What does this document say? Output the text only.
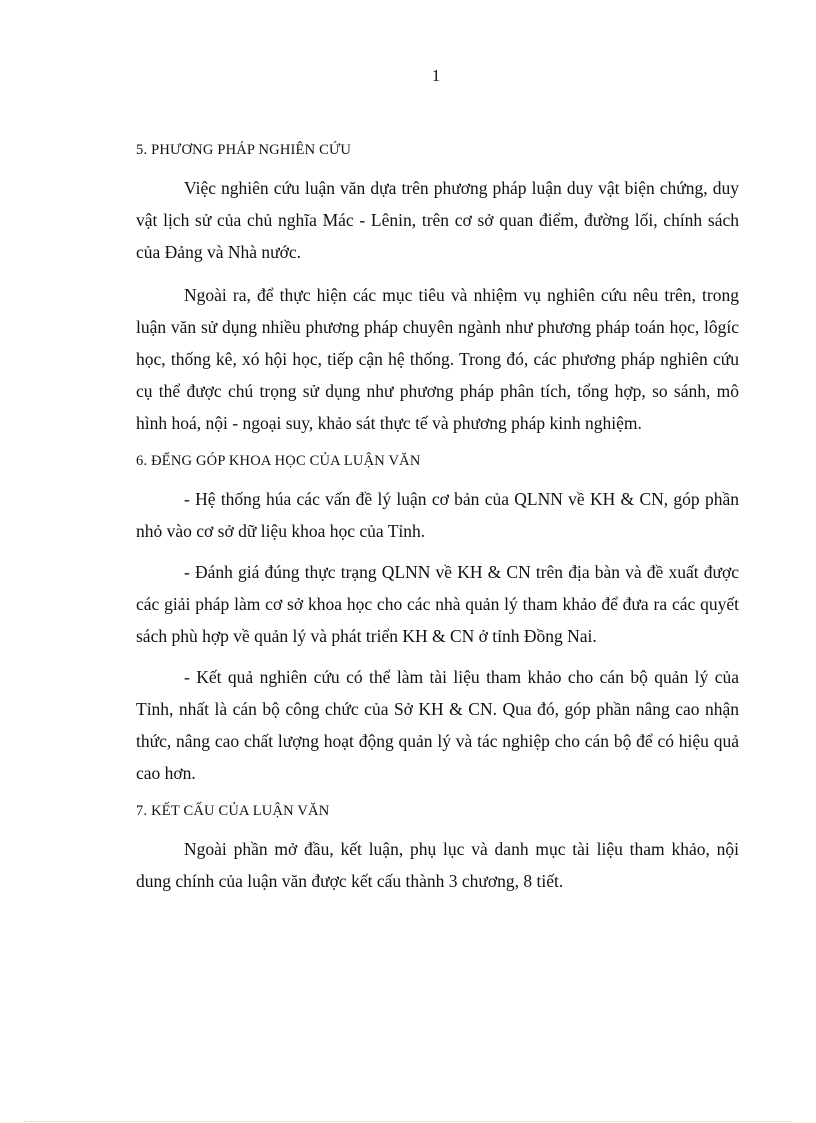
1
5. PHƯƠNG PHÁP NGHIÊN CỨU

Việc nghiên cứu luận văn dựa trên phương pháp luận duy vật biện chứng, duy vật lịch sử của chủ nghĩa Mác - Lênin, trên cơ sở quan điểm, đường lối, chính sách của Đảng và Nhà nước.

Ngoài ra, để thực hiện các mục tiêu và nhiệm vụ nghiên cứu nêu trên, trong luận văn sử dụng nhiều phương pháp chuyên ngành như phương pháp toán học, lôgíc học, thống kê, xó hội học, tiếp cận hệ thống. Trong đó, các phương pháp nghiên cứu cụ thể được chú trọng sử dụng như phương pháp phân tích, tổng hợp, so sánh, mô hình hoá, nội - ngoại suy, khảo sát thực tế và phương pháp kinh nghiệm.

6. ĐỂNG GÓP KHOA HỌC CỦA LUẬN VĂN

- Hệ thống húa các vấn đề lý luận cơ bản của QLNN về KH & CN, góp phần nhỏ vào cơ sở dữ liệu khoa học của Tỉnh.

- Đánh giá đúng thực trạng QLNN về KH & CN trên địa bàn và đề xuất được các giải pháp làm cơ sở khoa học cho các nhà quản lý tham khảo để đưa ra các quyết sách phù hợp về quản lý và phát triển KH & CN ở tỉnh Đồng Nai.

- Kết quả nghiên cứu có thể làm tài liệu tham khảo cho cán bộ quản lý của Tỉnh, nhất là cán bộ công chức của Sở KH & CN. Qua đó, góp phần nâng cao nhận thức, nâng cao chất lượng hoạt động quản lý và tác nghiệp cho cán bộ để có hiệu quả cao hơn.

7. KẾT CẤU CỦA LUẬN VĂN

Ngoài phần mở đầu, kết luận, phụ lục và danh mục tài liệu tham khảo, nội dung chính của luận văn được kết cấu thành 3 chương, 8 tiết.
